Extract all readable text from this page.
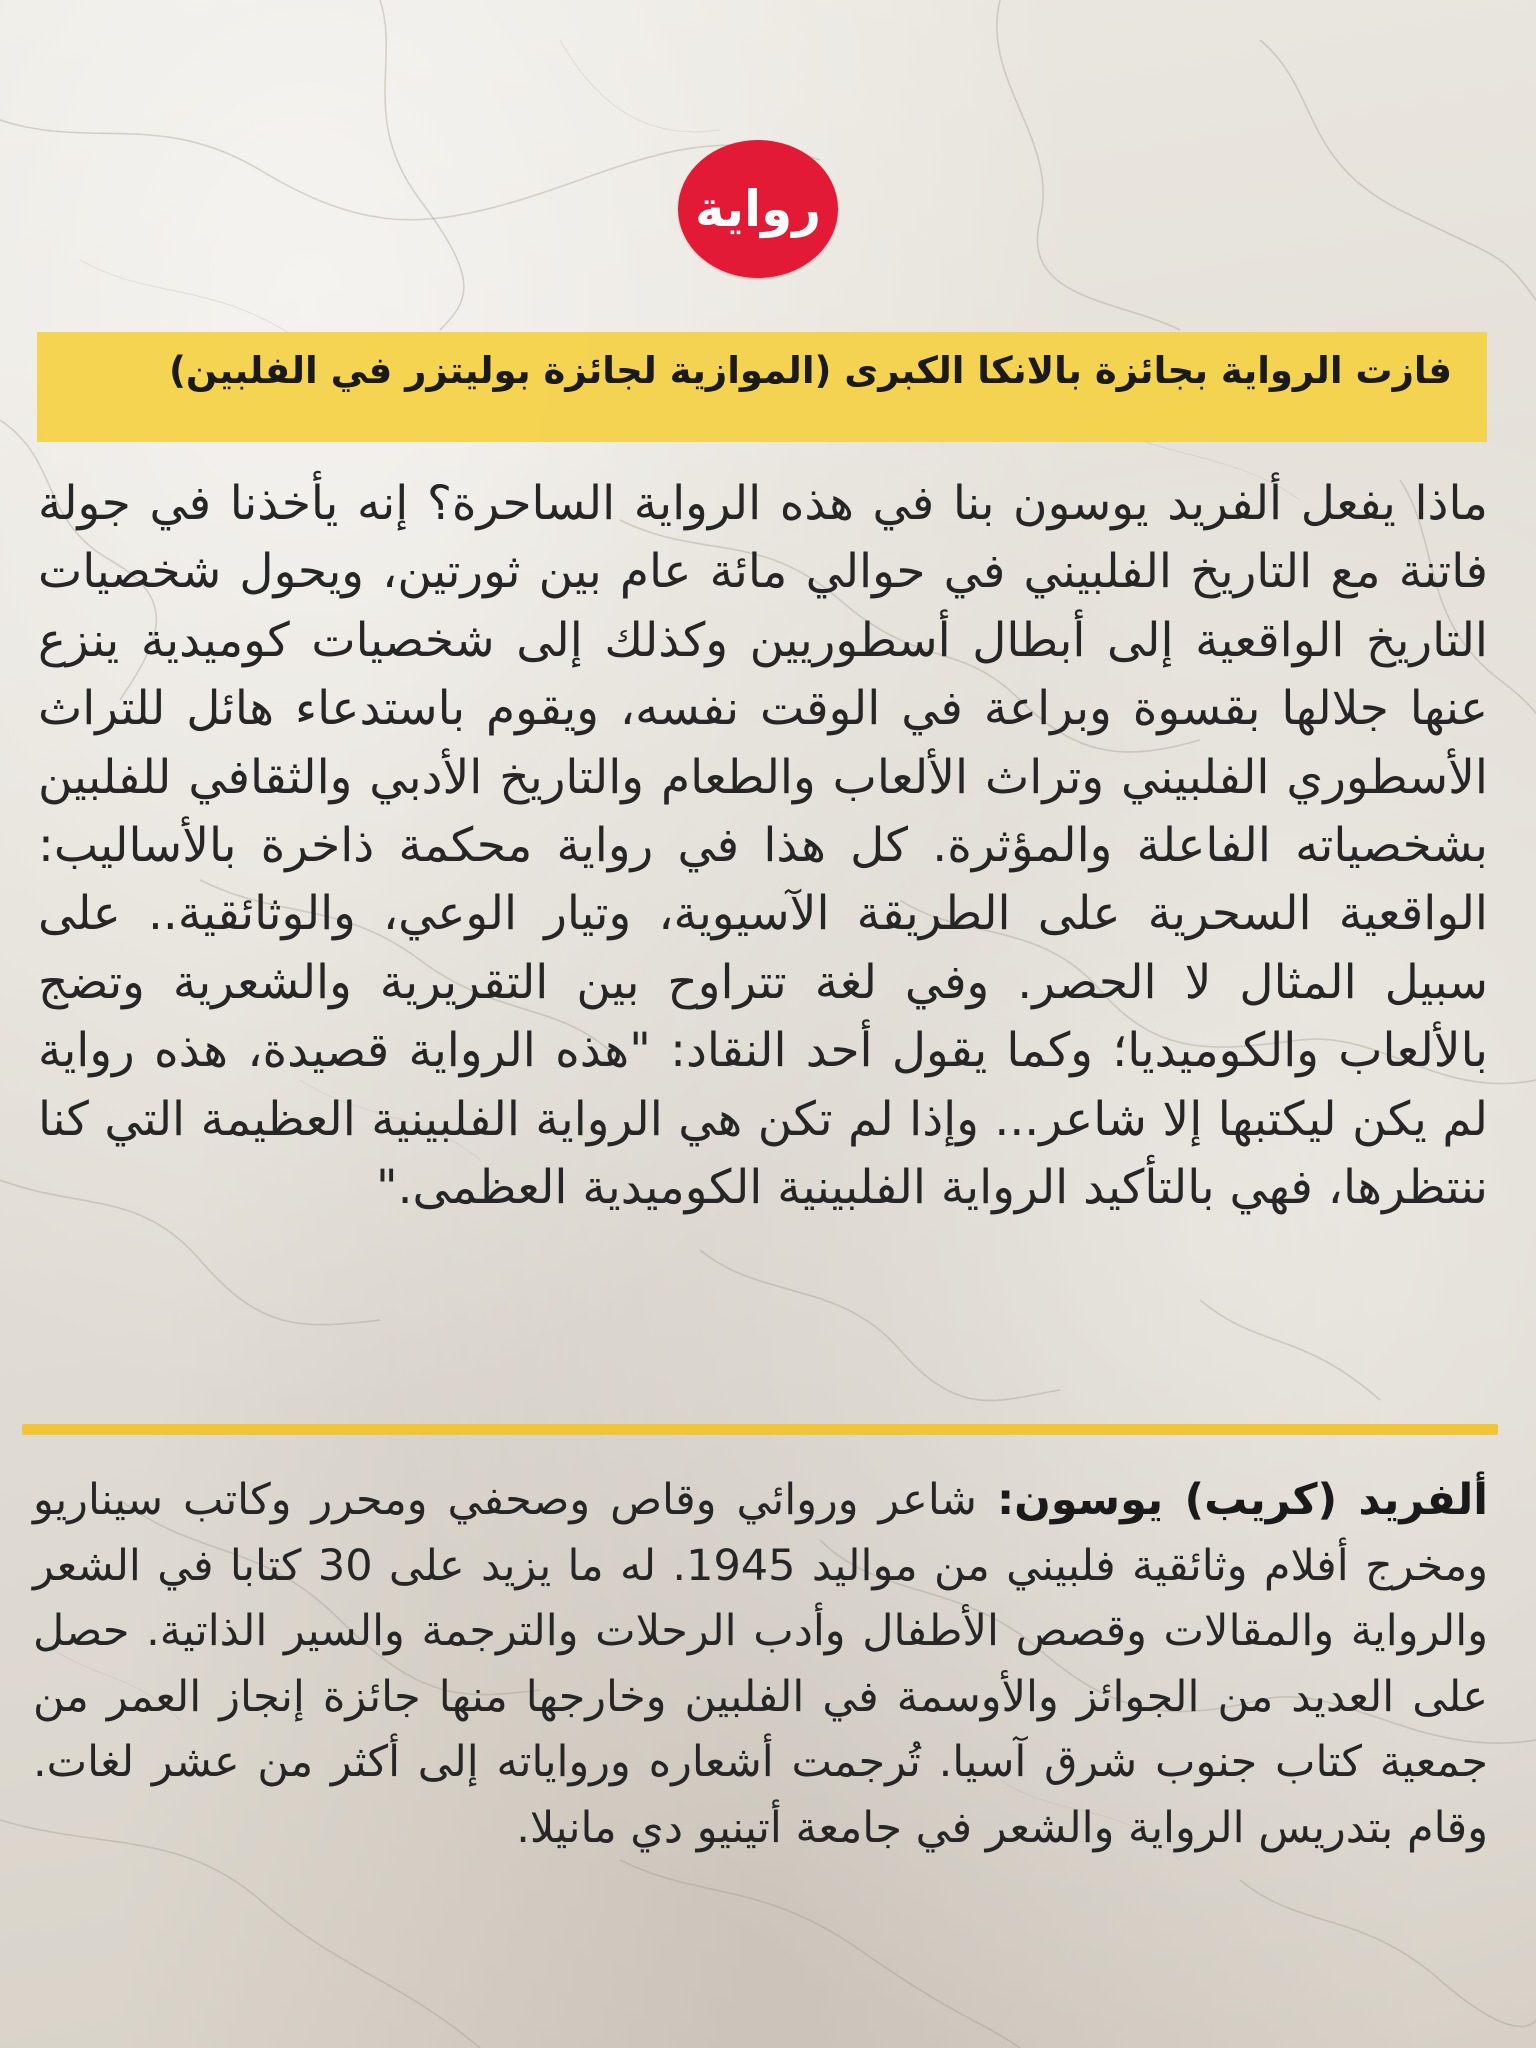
رواية
فازت الرواية بجائزة بالانكا الكبرى (الموازية لجائزة بوليتزر في الفلبين)

ماذا يفعل ألفريد يوسون بنا في هذه الرواية الساحرة؟ إنه يأخذنا في جولة فاتنة مع التاريخ الفلبيني في حوالي مائة عام بين ثورتين، ويحول شخصيات التاريخ الواقعية إلى أبطال أسطوريين وكذلك إلى شخصيات كوميدية ينزع عنها جلالها بقسوة وبراعة في الوقت نفسه، ويقوم باستدعاء هائل للتراث الأسطوري الفلبيني وتراث الألعاب والطعام والتاريخ الأدبي والثقافي للفلبين بشخصياته الفاعلة والمؤثرة. كل هذا في رواية محكمة ذاخرة بالأساليب: الواقعية السحرية على الطريقة الآسيوية، وتيار الوعي، والوثائقية.. على سبيل المثال لا الحصر. وفي لغة تتراوح بين التقريرية والشعرية وتضج بالألعاب والكوميديا؛ وكما يقول أحد النقاد: "هذه الرواية قصيدة، هذه رواية لم يكن ليكتبها إلا شاعر... وإذا لم تكن هي الرواية الفلبينية العظيمة التي كنا ننتظرها، فهي بالتأكيد الرواية الفلبينية الكوميدية العظمى."

ألفريد (كريب) يوسون: شاعر وروائي وقاص وصحفي ومحرر وكاتب سيناريو ومخرج أفلام وثائقية فلبيني من مواليد 1945. له ما يزيد على 30 كتابا في الشعر والرواية والمقالات وقصص الأطفال وأدب الرحلات والترجمة والسير الذاتية. حصل على العديد من الجوائز والأوسمة في الفلبين وخارجها منها جائزة إنجاز العمر من جمعية كتاب جنوب شرق آسيا. تُرجمت أشعاره ورواياته إلى أكثر من عشر لغات. وقام بتدريس الرواية والشعر في جامعة أتينيو دي مانيلا.
